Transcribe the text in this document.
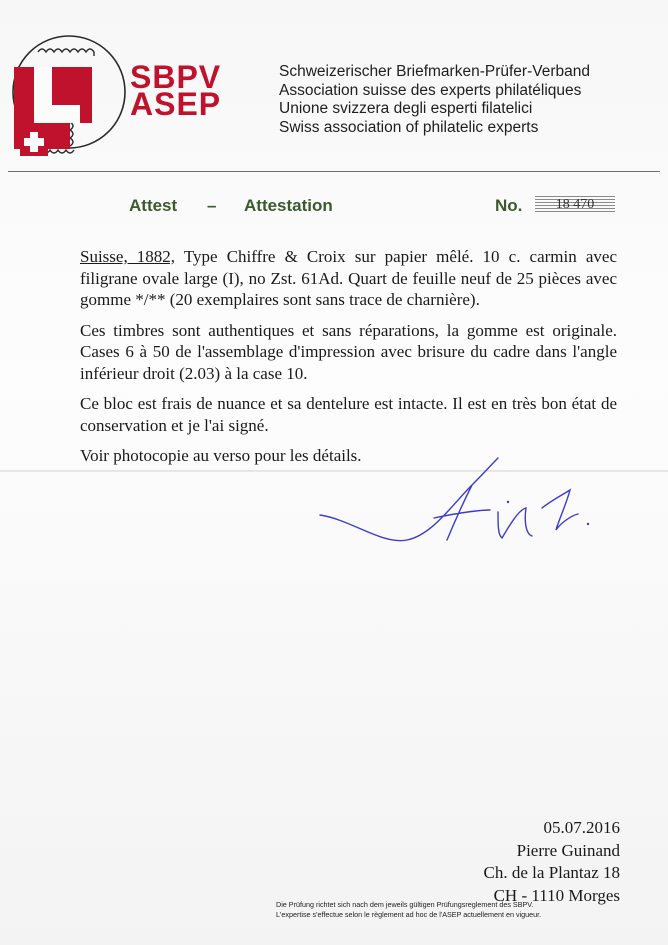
SBPV
ASEP
Schweizerischer Briefmarken-Prüfer-Verband
Association suisse des experts philatéliques
Unione svizzera degli esperti filatelici
Swiss association of philatelic experts
Attest – Attestation	No.	18 470

Suisse, 1882, Type Chiffre & Croix sur papier mêlé. 10 c. carmin avec filigrane ovale large (I), no Zst. 61Ad. Quart de feuille neuf de 25 pièces avec gomme */** (20 exemplaires sont sans trace de charnière).

Ces timbres sont authentiques et sans réparations, la gomme est originale. Cases 6 à 50 de l'assemblage d'impression avec brisure du cadre dans l'angle inférieur droit (2.03) à la case 10.

Ce bloc est frais de nuance et sa dentelure est intacte. Il est en très bon état de conservation et je l'ai signé.

Voir photocopie au verso pour les détails.

05.07.2016
Pierre Guinand
Ch. de la Plantaz 18
CH - 1110 Morges
Die Prüfung richtet sich nach dem jeweils gültigen Prüfungsreglement des SBPV.
L'expertise s'effectue selon le règlement ad hoc de l'ASEP actuellement en vigueur.
